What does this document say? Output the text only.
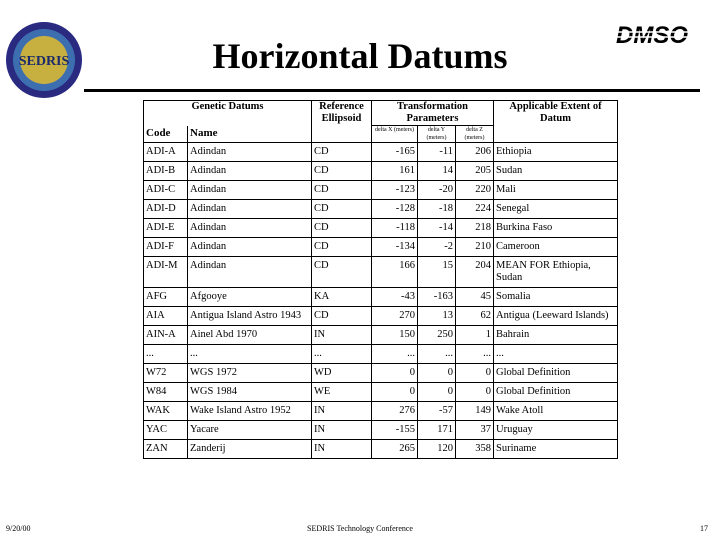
SEDRIS
DMSO
Horizontal Datums
Genetic Datums		Reference Ellipsoid	Transformation Parameters			Applicable Extent of Datum
Code	Name		delta X (meters)	delta Y (meters)	delta Z (meters)	
ADI-A	Adindan	CD	-165	-11	206	Ethiopia
ADI-B	Adindan	CD	161	14	205	Sudan
ADI-C	Adindan	CD	-123	-20	220	Mali
ADI-D	Adindan	CD	-128	-18	224	Senegal
ADI-E	Adindan	CD	-118	-14	218	Burkina Faso
ADI-F	Adindan	CD	-134	-2	210	Cameroon
ADI-M	Adindan	CD	166	15	204	MEAN FOR Ethiopia, Sudan
AFG	Afgooye	KA	-43	-163	45	Somalia
AIA	Antigua Island Astro 1943	CD	270	13	62	Antigua (Leeward Islands)
AIN-A	Ainel Abd 1970	IN	150	250	1	Bahrain
...	...	...	...	...	...	...
W72	WGS 1972	WD	0	0	0	Global Definition
W84	WGS 1984	WE	0	0	0	Global Definition
WAK	Wake Island Astro 1952	IN	276	-57	149	Wake Atoll
YAC	Yacare	IN	-155	171	37	Uruguay
ZAN	Zanderij	IN	265	120	358	Suriname
9/20/00	SEDRIS Technology Conference	17
